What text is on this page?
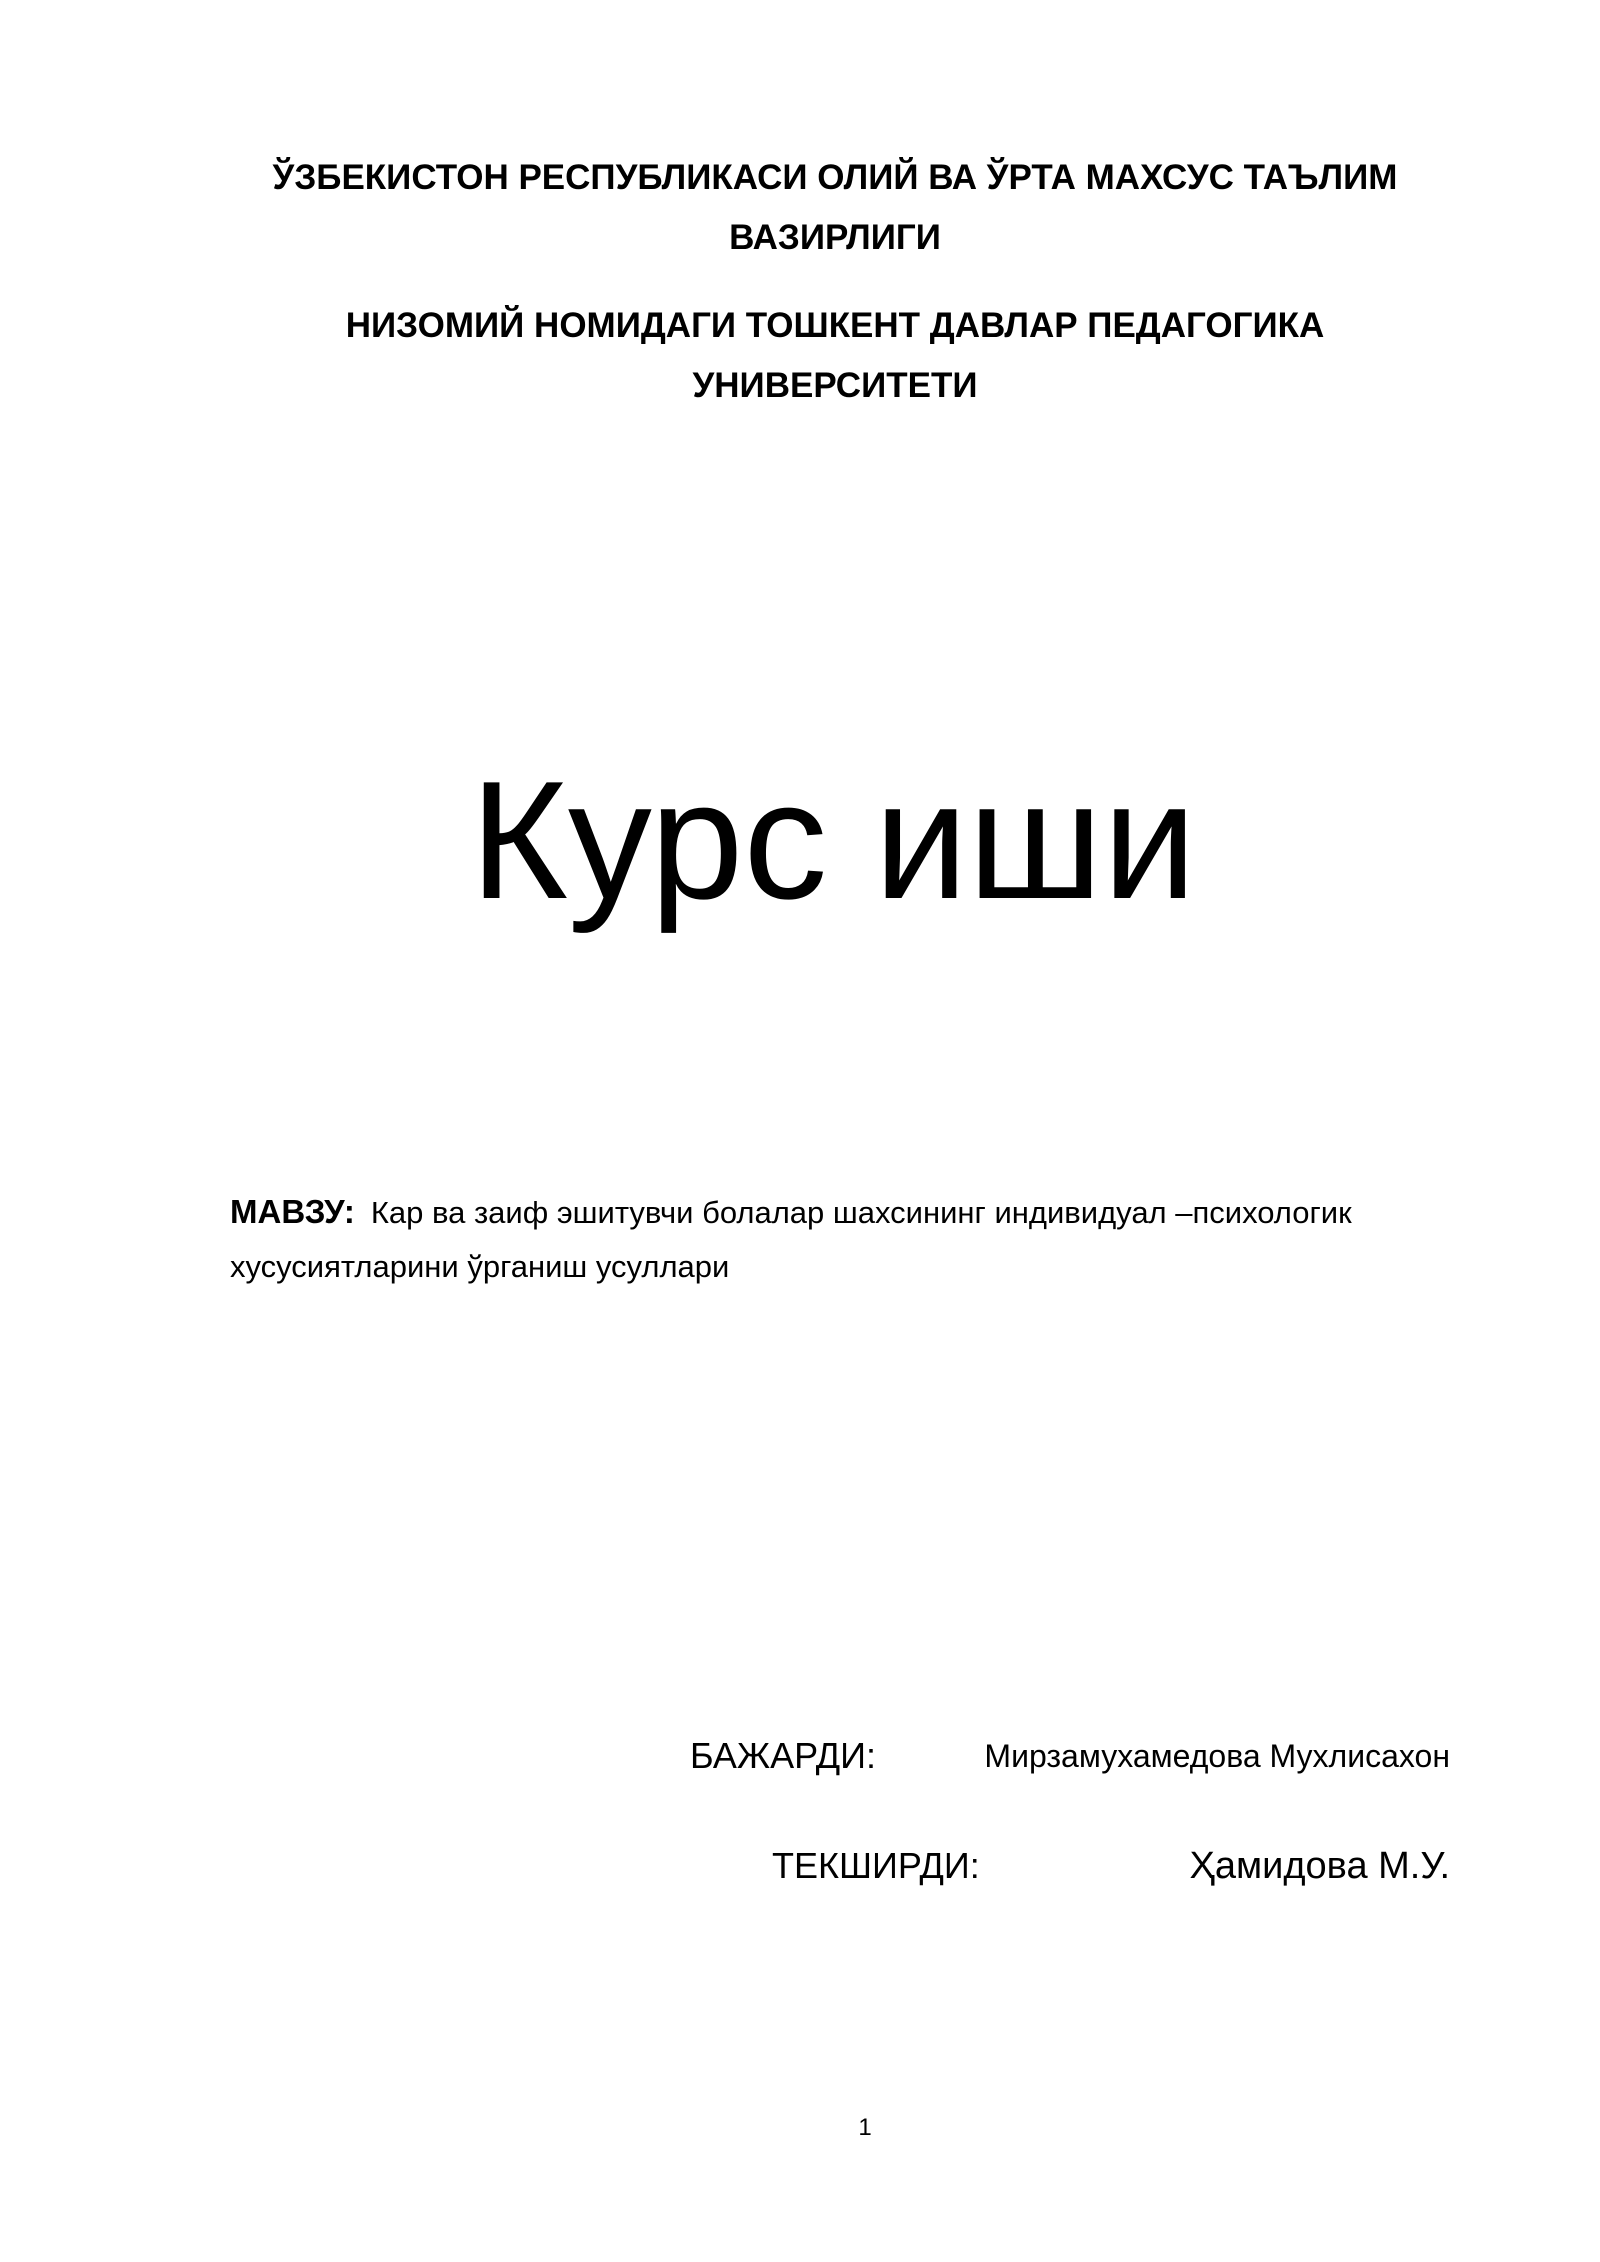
ЎЗБЕКИСТОН РЕСПУБЛИКАСИ ОЛИЙ ВА ЎРТА МАХСУС ТАЪЛИМ
ВАЗИРЛИГИ
НИЗОМИЙ НОМИДАГИ ТОШКЕНТ ДАВЛАР ПЕДАГОГИКА
УНИВЕРСИТЕТИ
Курс иши
МАВЗУ: Кар ва заиф эшитувчи болалар шахсининг индивидуал –психологик хусусиятларини ўрганиш усуллари
БАЖАРДИ:	Мирзамухамедова Мухлисахон
ТЕКШИРДИ:	Ҳамидова М.У.
1
